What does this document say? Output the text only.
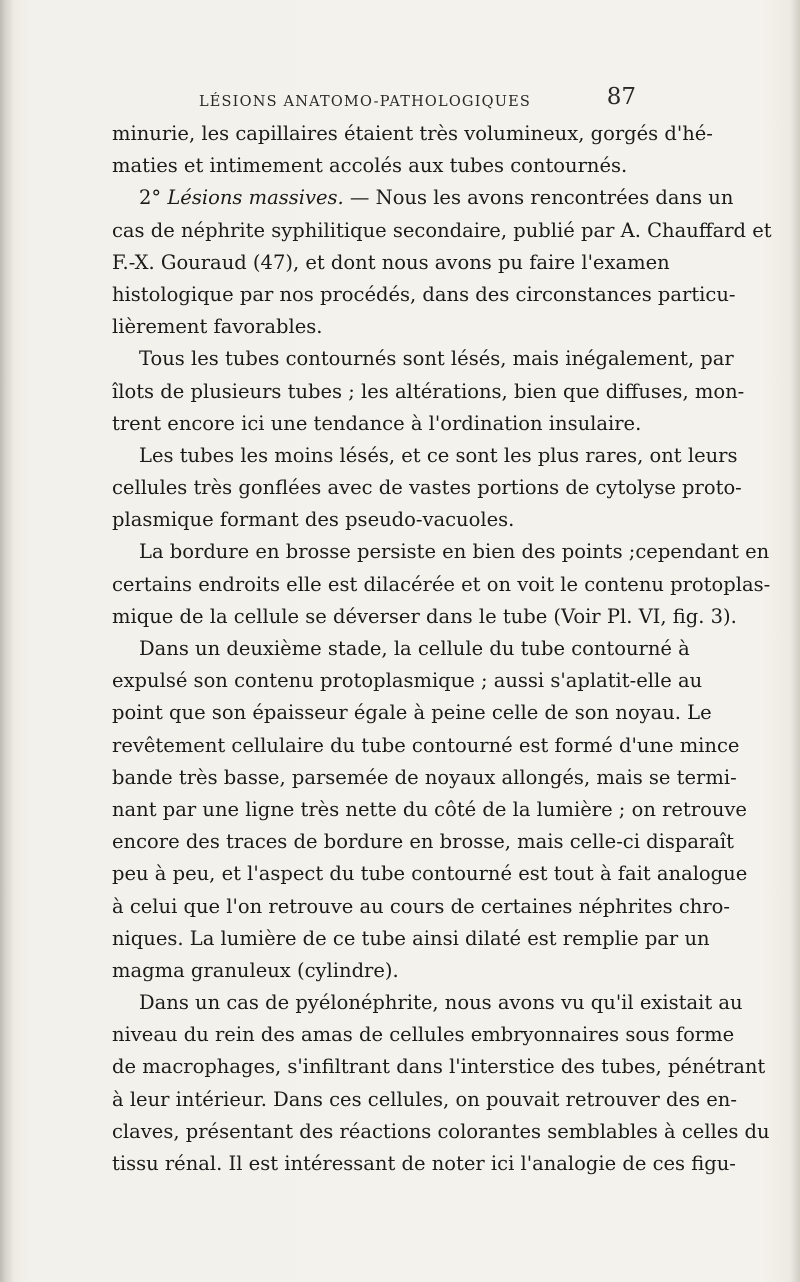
LÉSIONS ANATOMO-PATHOLOGIQUES	87
minurie, les capillaires étaient très volumineux, gorgés d'hé-
maties et intimement accolés aux tubes contournés.
2° Lésions massives. — Nous les avons rencontrées dans un
cas de néphrite syphilitique secondaire, publié par A. Chauffard et
F.-X. Gouraud (47), et dont nous avons pu faire l'examen
histologique par nos procédés, dans des circonstances particu-
lièrement favorables.
Tous les tubes contournés sont lésés, mais inégalement, par
îlots de plusieurs tubes ; les altérations, bien que diffuses, mon-
trent encore ici une tendance à l'ordination insulaire.
Les tubes les moins lésés, et ce sont les plus rares, ont leurs
cellules très gonflées avec de vastes portions de cytolyse proto-
plasmique formant des pseudo-vacuoles.
La bordure en brosse persiste en bien des points ;cependant en
certains endroits elle est dilacérée et on voit le contenu protoplas-
mique de la cellule se déverser dans le tube (Voir Pl. VI, fig. 3).
Dans un deuxième stade, la cellule du tube contourné à
expulsé son contenu protoplasmique ; aussi s'aplatit-elle au
point que son épaisseur égale à peine celle de son noyau. Le
revêtement cellulaire du tube contourné est formé d'une mince
bande très basse, parsemée de noyaux allongés, mais se termi-
nant par une ligne très nette du côté de la lumière ; on retrouve
encore des traces de bordure en brosse, mais celle-ci disparaît
peu à peu, et l'aspect du tube contourné est tout à fait analogue
à celui que l'on retrouve au cours de certaines néphrites chro-
niques. La lumière de ce tube ainsi dilaté est remplie par un
magma granuleux (cylindre).
Dans un cas de pyélonéphrite, nous avons vu qu'il existait au
niveau du rein des amas de cellules embryonnaires sous forme
de macrophages, s'infiltrant dans l'interstice des tubes, pénétrant
à leur intérieur. Dans ces cellules, on pouvait retrouver des en-
claves, présentant des réactions colorantes semblables à celles du
tissu rénal. Il est intéressant de noter ici l'analogie de ces figu-
